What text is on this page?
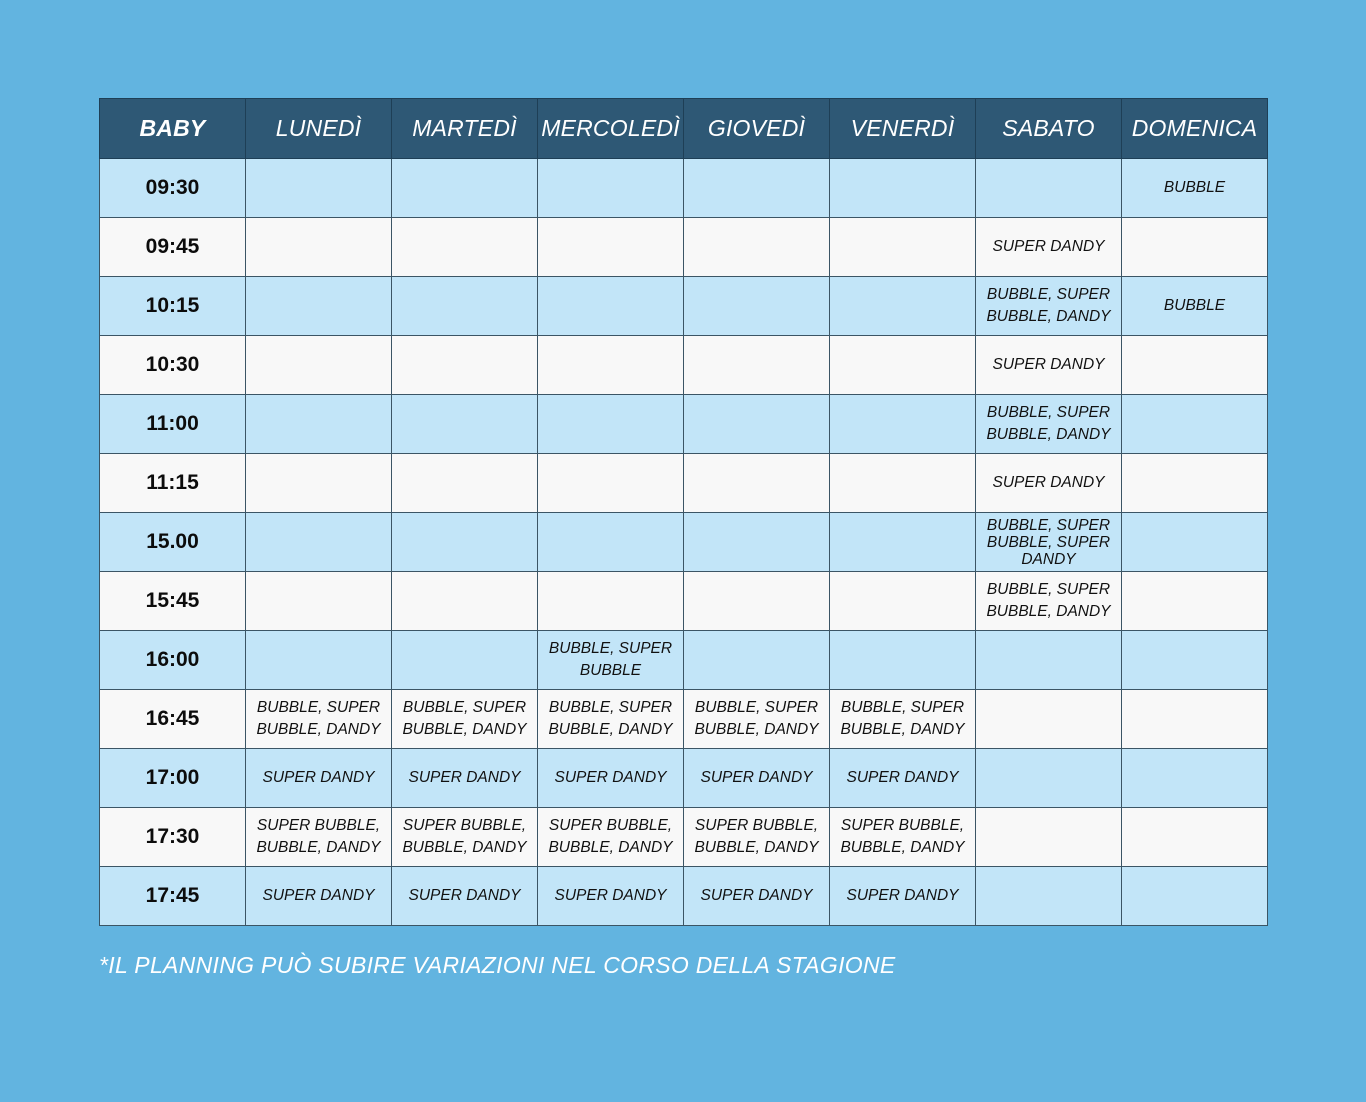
BABY	LUNEDÌ	MARTEDÌ	MERCOLEDÌ	GIOVEDÌ	VENERDÌ	SABATO	DOMENICA
09:30							BUBBLE
09:45						SUPER DANDY	
10:15						BUBBLE, SUPER BUBBLE, DANDY	BUBBLE
10:30						SUPER DANDY	
11:00						BUBBLE, SUPER BUBBLE, DANDY	
11:15						SUPER DANDY	
15.00						BUBBLE, SUPER BUBBLE, SUPER DANDY	
15:45						BUBBLE, SUPER BUBBLE, DANDY	
16:00			BUBBLE, SUPER BUBBLE				
16:45	BUBBLE, SUPER BUBBLE, DANDY	BUBBLE, SUPER BUBBLE, DANDY	BUBBLE, SUPER BUBBLE, DANDY	BUBBLE, SUPER BUBBLE, DANDY	BUBBLE, SUPER BUBBLE, DANDY		
17:00	SUPER DANDY	SUPER DANDY	SUPER DANDY	SUPER DANDY	SUPER DANDY		
17:30	SUPER BUBBLE, BUBBLE, DANDY	SUPER BUBBLE, BUBBLE, DANDY	SUPER BUBBLE, BUBBLE, DANDY	SUPER BUBBLE, BUBBLE, DANDY	SUPER BUBBLE, BUBBLE, DANDY		
17:45	SUPER DANDY	SUPER DANDY	SUPER DANDY	SUPER DANDY	SUPER DANDY		

*IL PLANNING PUÒ SUBIRE VARIAZIONI NEL CORSO DELLA STAGIONE
